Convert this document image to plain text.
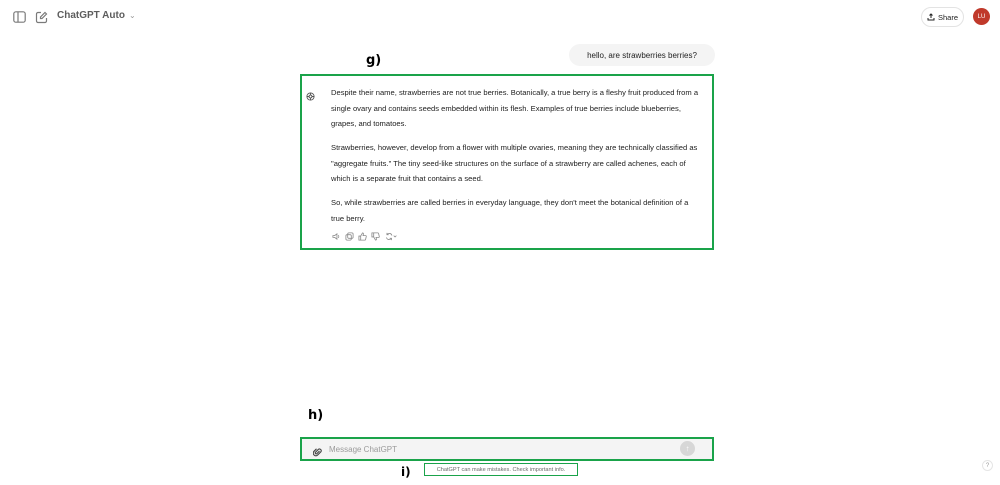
ChatGPT Auto ⌄	Share	LU
hello, are strawberries berries?
g)

Despite their name, strawberries are not true berries. Botanically, a true berry is a fleshy fruit produced from a single ovary and contains seeds embedded within its flesh. Examples of true berries include blueberries, grapes, and tomatoes.

Strawberries, however, develop from a flower with multiple ovaries, meaning they are technically classified as "aggregate fruits." The tiny seed-like structures on the surface of a strawberry are called achenes, each of which is a separate fruit that contains a seed.

So, while strawberries are called berries in everyday language, they don't meet the botanical definition of a true berry.

h)
Message ChatGPT
↑
i)	ChatGPT can make mistakes. Check important info.
?
